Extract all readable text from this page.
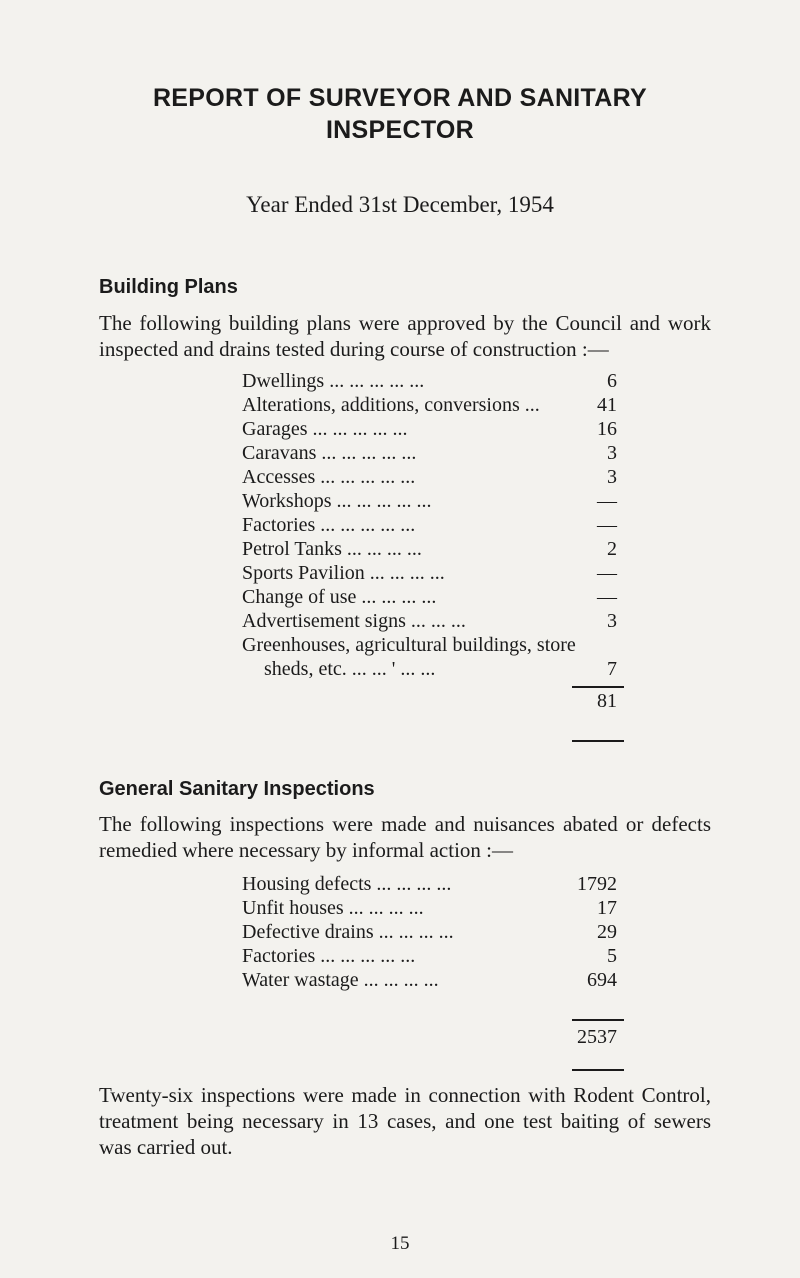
REPORT OF SURVEYOR AND SANITARY
INSPECTOR
Year Ended 31st December, 1954
Building Plans
The following building plans were approved by the Council and work inspected and drains tested during course of construction :—
Dwellings ... ... ... ... ...	6
Alterations, additions, conversions ...	41
Garages ... ... ... ... ...	16
Caravans ... ... ... ... ...	3
Accesses ... ... ... ... ...	3
Workshops ... ... ... ... ...	—
Factories ... ... ... ... ...	—
Petrol Tanks ... ... ... ...	2
Sports Pavilion ... ... ... ...	—
Change of use ... ... ... ...	—
Advertisement signs ... ... ...	3
Greenhouses, agricultural buildings, store
sheds, etc. ... ... ' ... ...	7
81
General Sanitary Inspections
The following inspections were made and nuisances abated or defects remedied where necessary by informal action :—
Housing defects ... ... ... ...	1792
Unfit houses ... ... ... ...	17
Defective drains ... ... ... ...	29
Factories ... ... ... ... ...	5
Water wastage ... ... ... ...	694
2537
Twenty-six inspections were made in connection with Rodent Control, treatment being necessary in 13 cases, and one test baiting of sewers was carried out.
15
